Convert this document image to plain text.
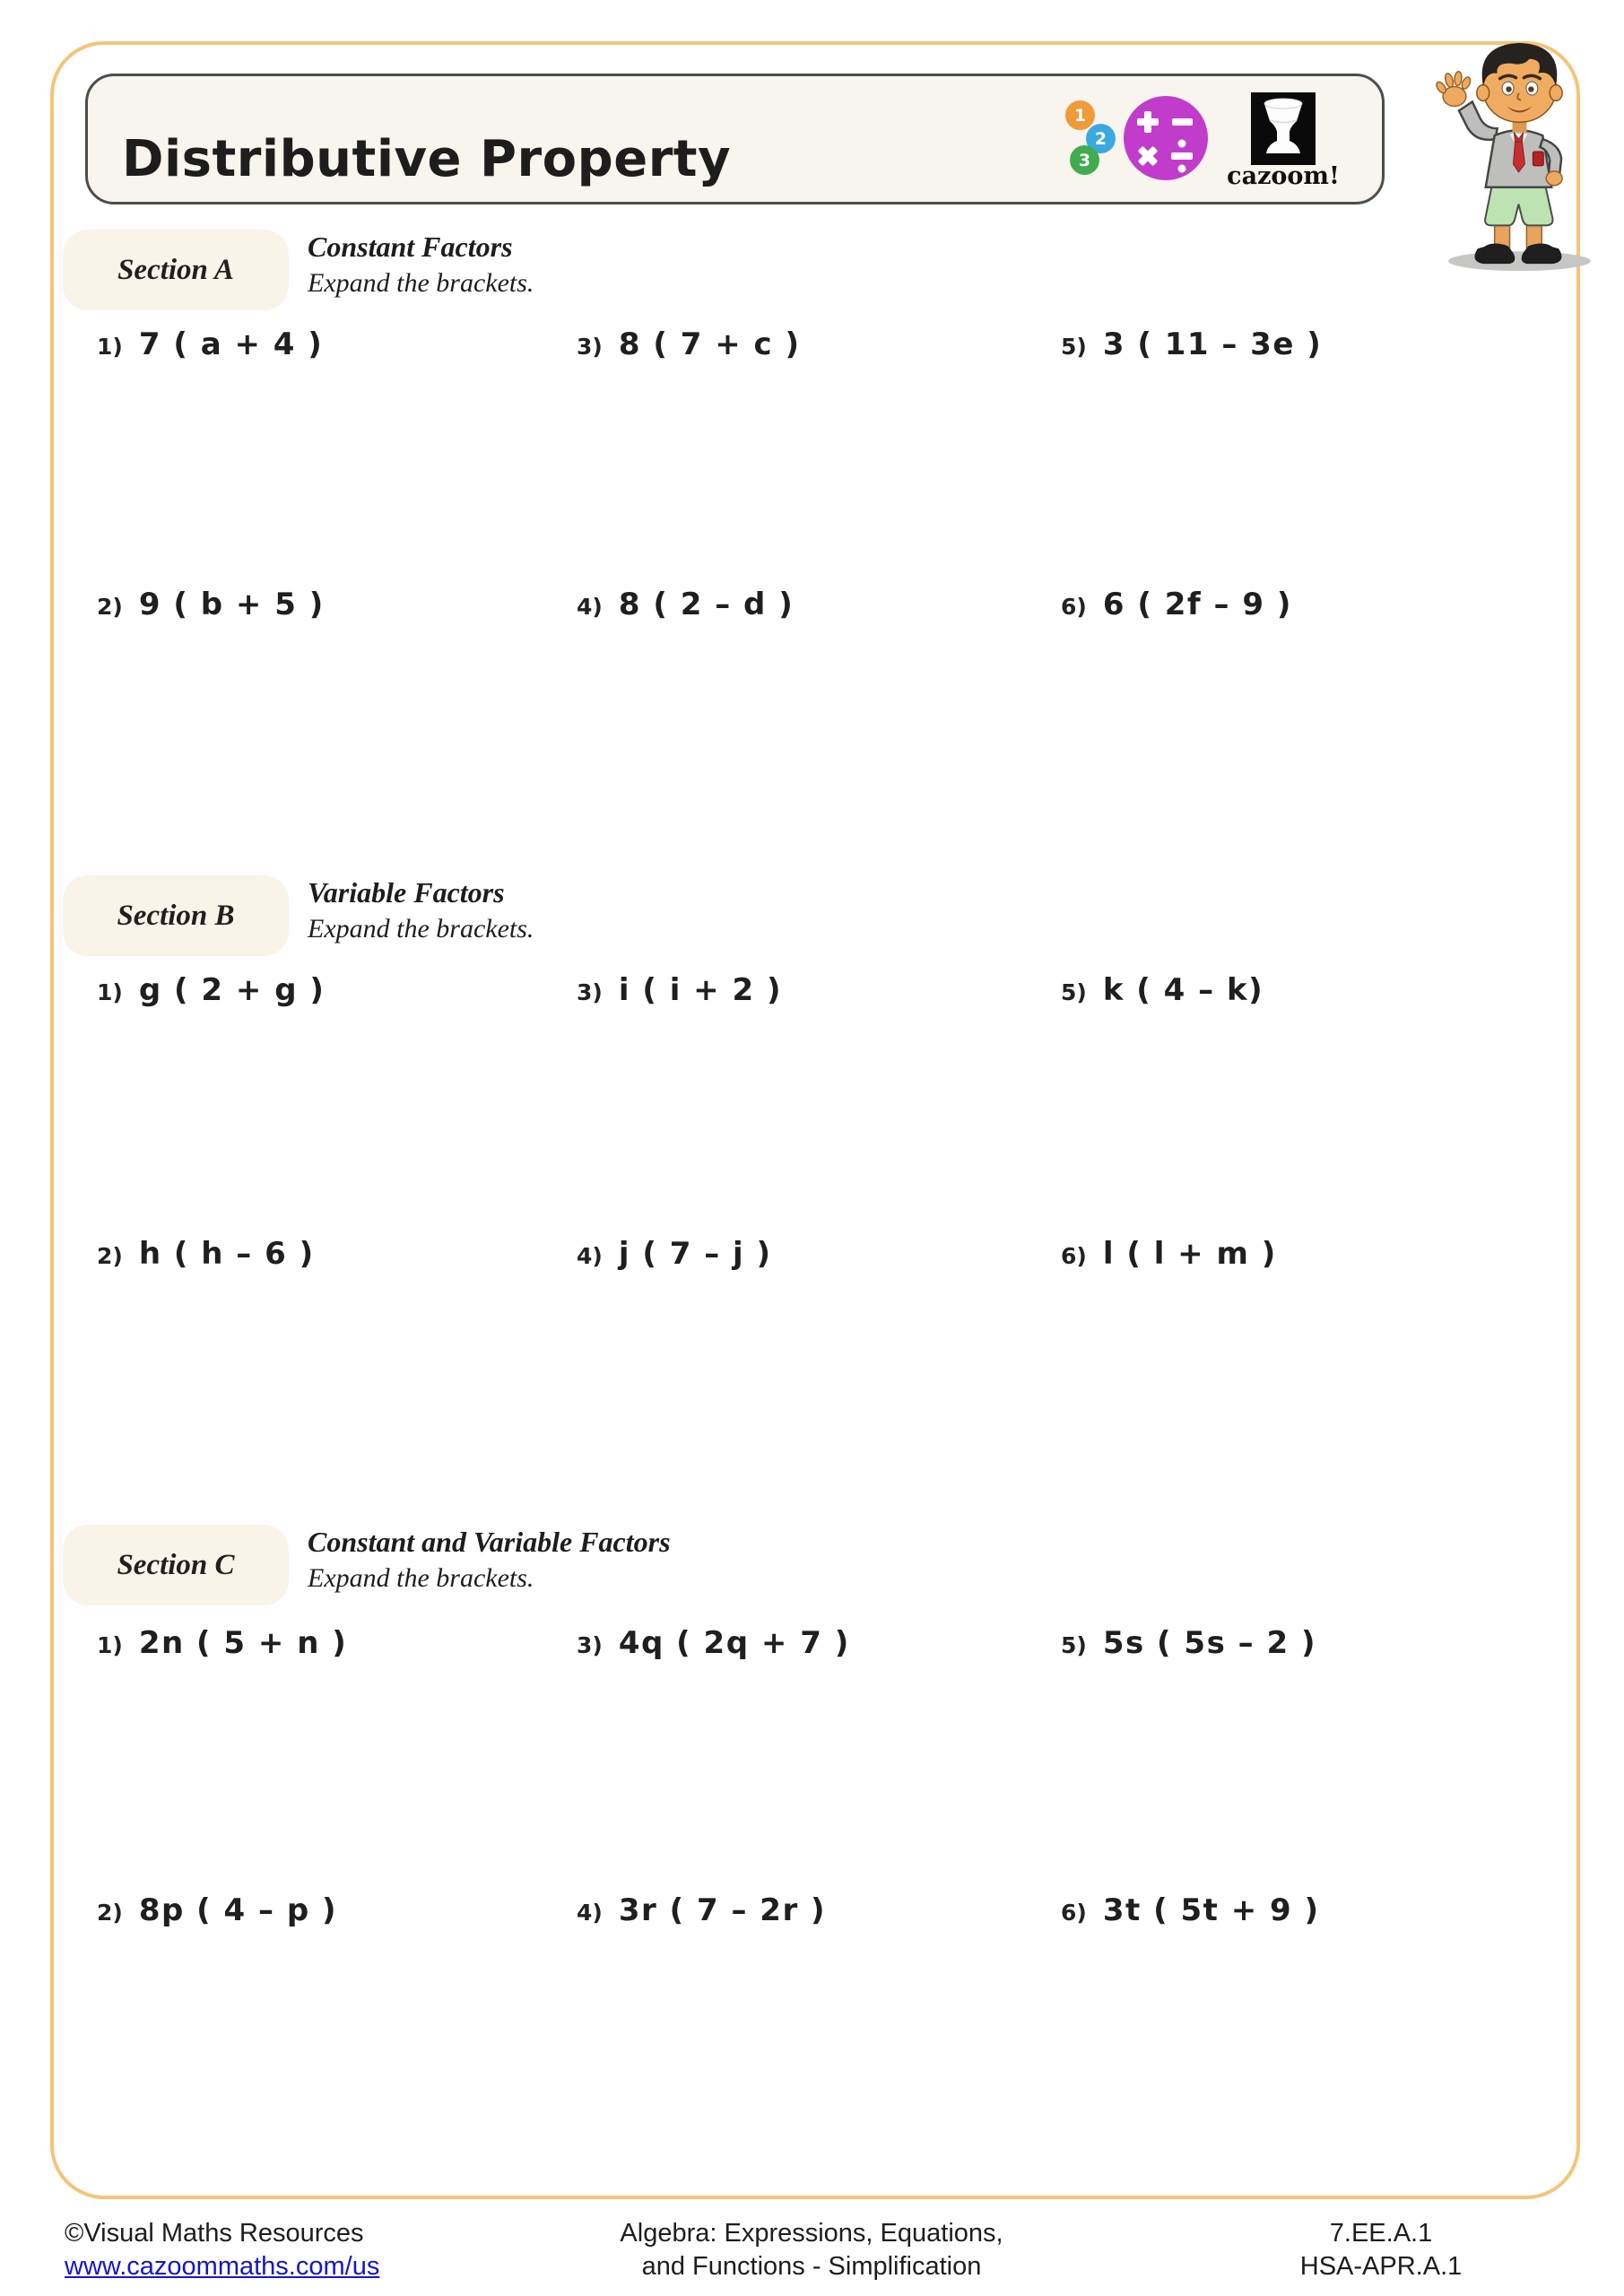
Distributive Property
1
2
3
cazoom!
Section A

Constant Factors

Expand the brackets.

1) 7 ( a + 4 )	3) 8 ( 7 + c )	5) 3 ( 11 – 3e )
2) 9 ( b + 5 )	4) 8 ( 2 – d )	6) 6 ( 2f – 9 )
Section B

Variable Factors

Expand the brackets.

1) g ( 2 + g )	3) i ( i + 2 )	5) k ( 4 – k)
2) h ( h – 6 )	4) j ( 7 – j )	6) l ( l + m )
Section C

Constant and Variable Factors

Expand the brackets.

1) 2n ( 5 + n )	3) 4q ( 2q + 7 )	5) 5s ( 5s – 2 )
2) 8p ( 4 – p )	4) 3r ( 7 – 2r )	6) 3t ( 5t + 9 )
©Visual Maths Resources
www.cazoommaths.com/us
Algebra: Expressions, Equations,
and Functions - Simplification
7.EE.A.1
HSA-APR.A.1
